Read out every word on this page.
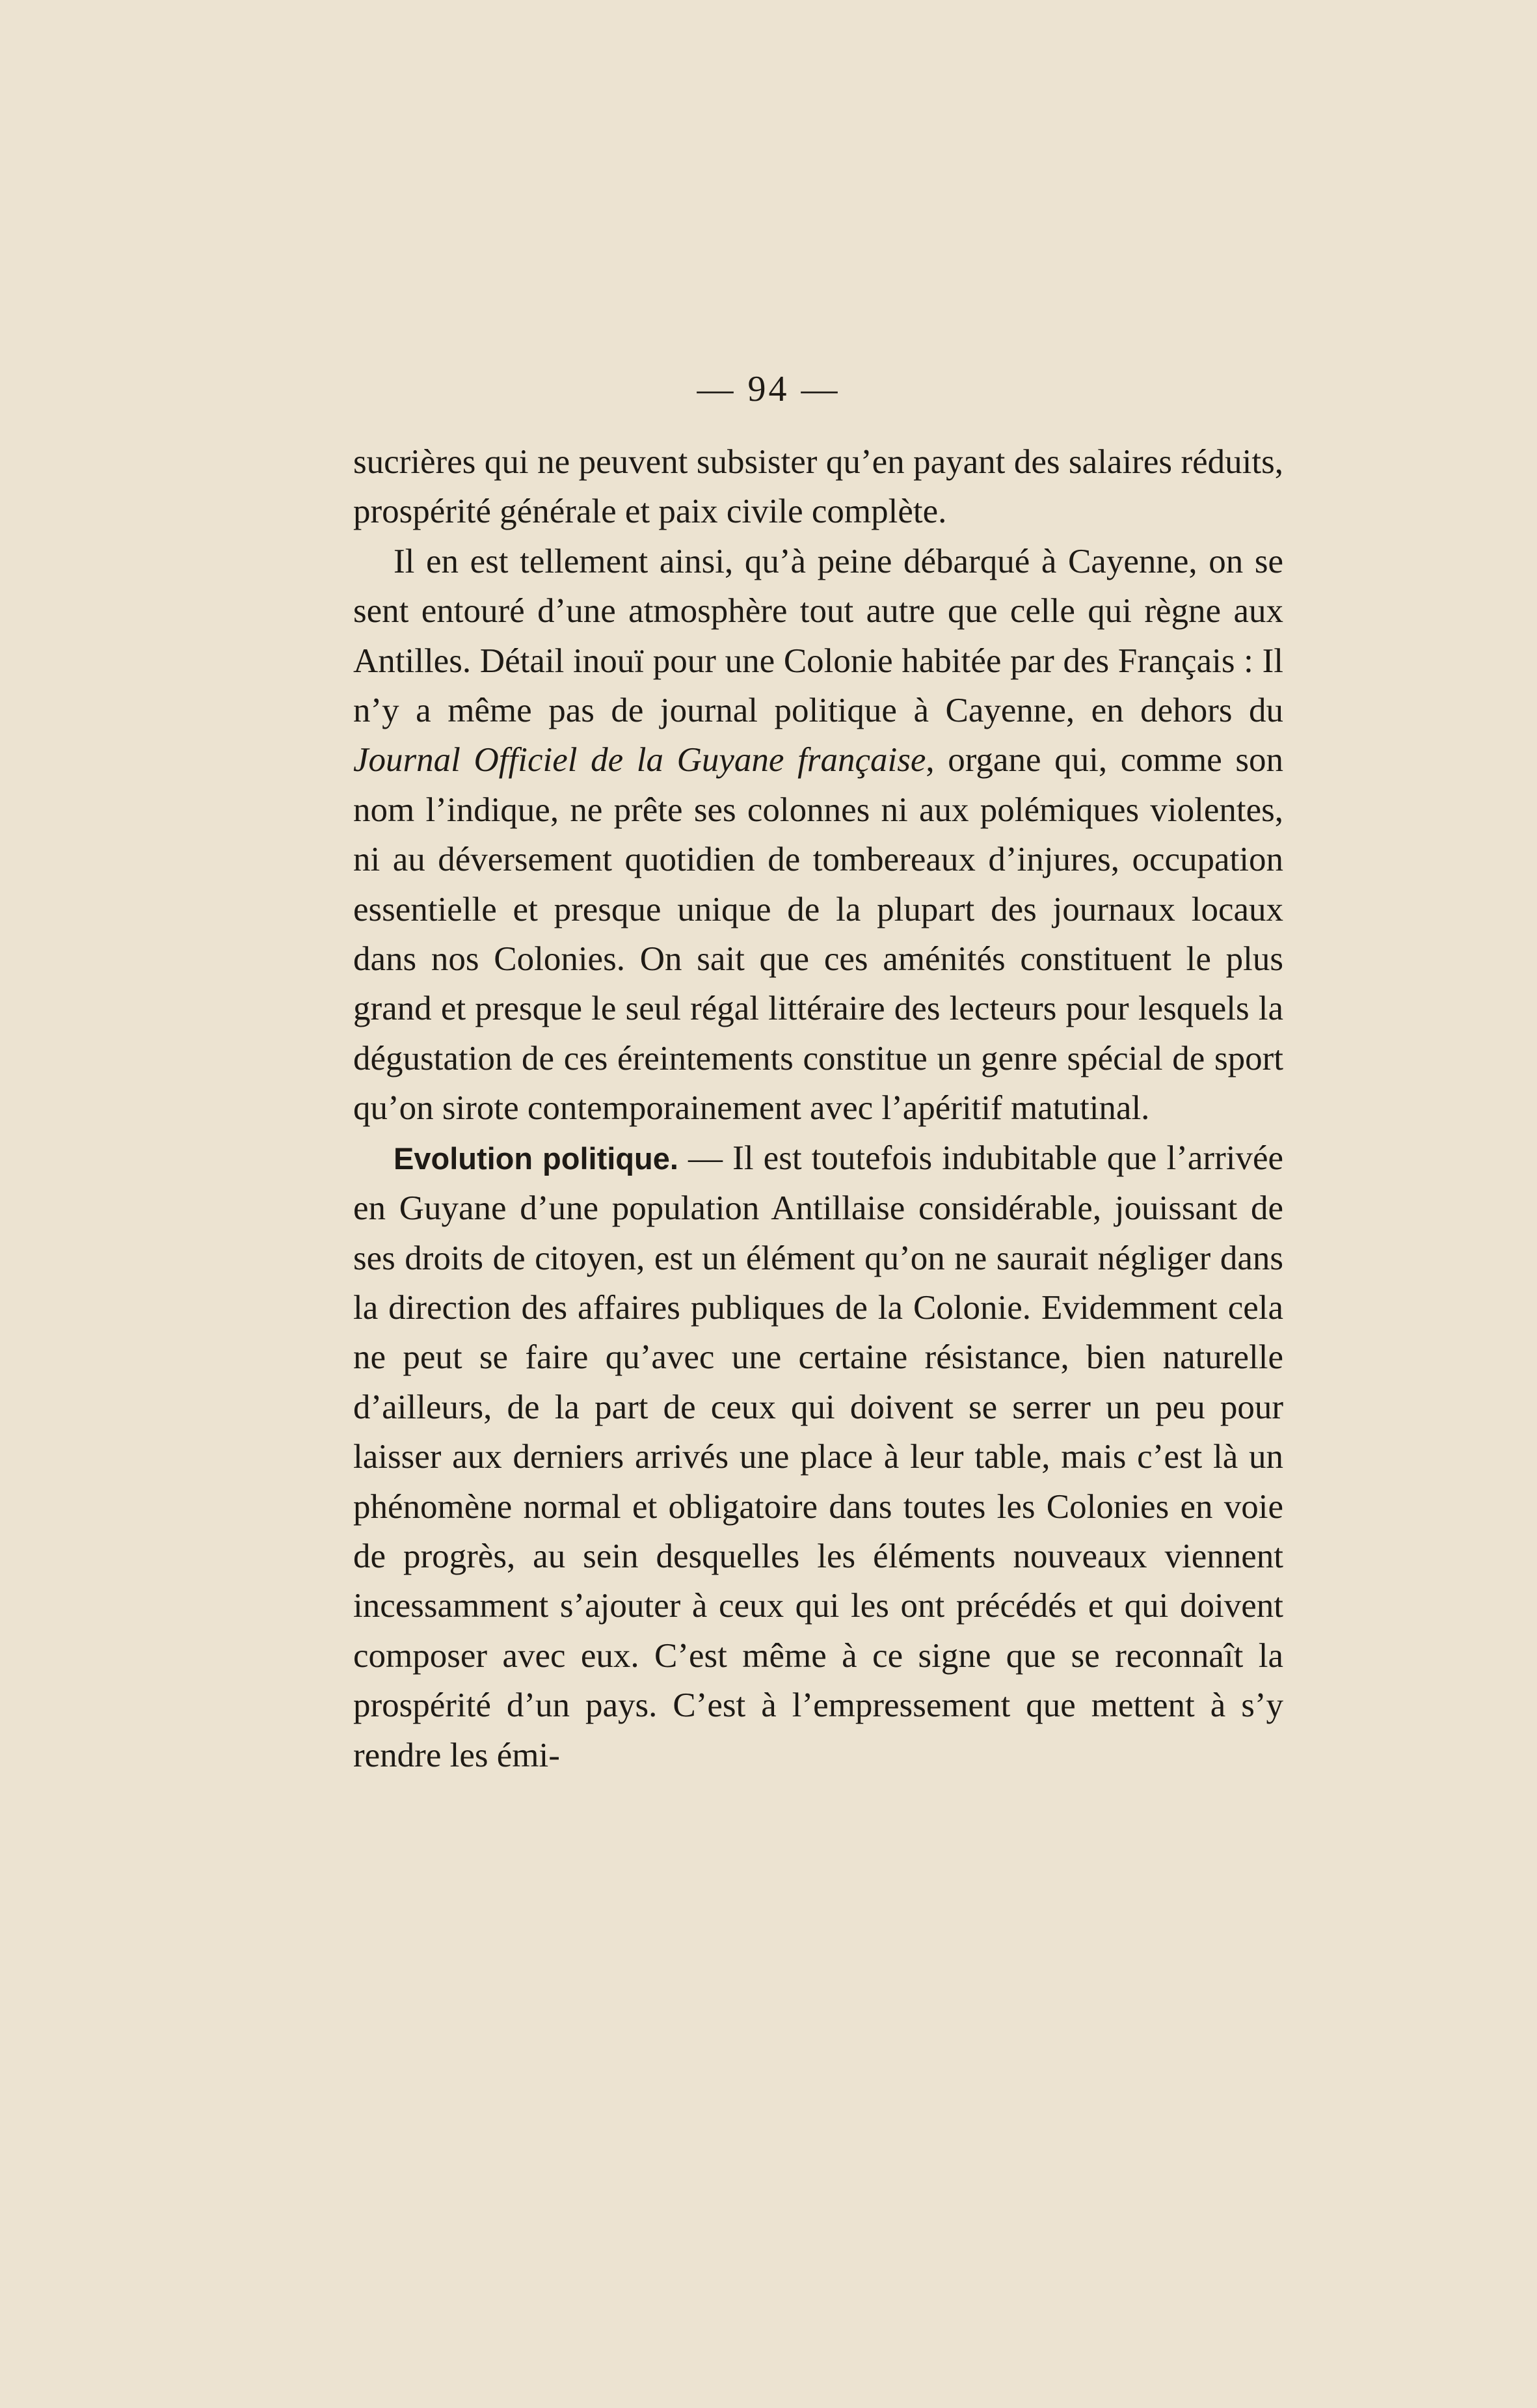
— 94 —

sucrières qui ne peuvent subsister qu’en payant des salaires réduits, prospérité générale et paix civile complète.

Il en est tellement ainsi, qu’à peine débarqué à Cayenne, on se sent entouré d’une atmosphère tout autre que celle qui règne aux Antilles. Détail inouï pour une Colonie habitée par des Français : Il n’y a même pas de journal politique à Cayenne, en dehors du Journal Officiel de la Guyane française, organe qui, comme son nom l’indique, ne prête ses colonnes ni aux polémiques violentes, ni au déversement quotidien de tombereaux d’injures, occupation essentielle et presque unique de la plupart des journaux locaux dans nos Colonies. On sait que ces aménités constituent le plus grand et presque le seul régal littéraire des lecteurs pour lesquels la dégustation de ces éreintements constitue un genre spécial de sport qu’on sirote contemporainement avec l’apéritif matutinal.

Evolution politique. — Il est toutefois indubitable que l’arrivée en Guyane d’une population Antillaise considérable, jouissant de ses droits de citoyen, est un élément qu’on ne saurait négliger dans la direction des affaires publiques de la Colonie. Evidemment cela ne peut se faire qu’avec une certaine résistance, bien naturelle d’ailleurs, de la part de ceux qui doivent se serrer un peu pour laisser aux derniers arrivés une place à leur table, mais c’est là un phénomène normal et obligatoire dans toutes les Colonies en voie de progrès, au sein desquelles les éléments nouveaux viennent incessamment s’ajouter à ceux qui les ont précédés et qui doivent composer avec eux. C’est même à ce signe que se reconnaît la prospérité d’un pays. C’est à l’empressement que mettent à s’y rendre les émi-
